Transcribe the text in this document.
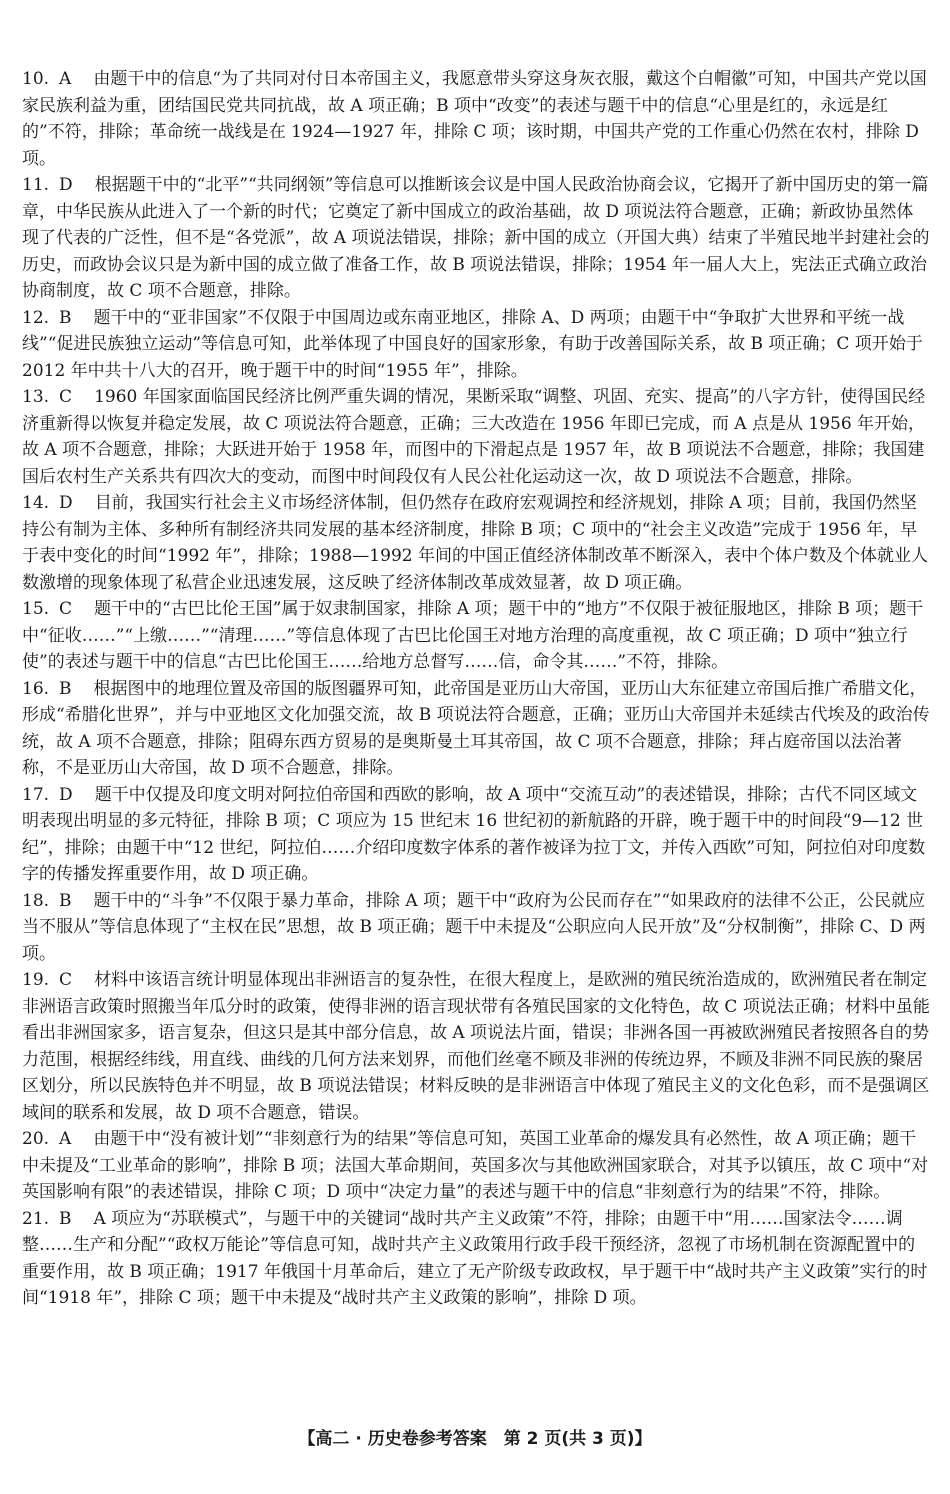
10. A 由题干中的信息“为了共同对付日本帝国主义，我愿意带头穿这身灰衣服，戴这个白帽徽”可知，中国共产党以国家民族利益为重，团结国民党共同抗战，故 A 项正确；B 项中“改变”的表述与题干中的信息“心里是红的，永远是红的”不符，排除；革命统一战线是在 1924—1927 年，排除 C 项；该时期，中国共产党的工作重心仍然在农村，排除 D 项。
11. D 根据题干中的“北平”“共同纲领”等信息可以推断该会议是中国人民政治协商会议，它揭开了新中国历史的第一篇章，中华民族从此进入了一个新的时代；它奠定了新中国成立的政治基础，故 D 项说法符合题意，正确；新政协虽然体现了代表的广泛性，但不是“各党派”，故 A 项说法错误，排除；新中国的成立（开国大典）结束了半殖民地半封建社会的历史，而政协会议只是为新中国的成立做了准备工作，故 B 项说法错误，排除；1954 年一届人大上，宪法正式确立政治协商制度，故 C 项不合题意，排除。
12. B 题干中的“亚非国家”不仅限于中国周边或东南亚地区，排除 A、D 两项；由题干中“争取扩大世界和平统一战线”“促进民族独立运动”等信息可知，此举体现了中国良好的国家形象，有助于改善国际关系，故 B 项正确；C 项开始于 2012 年中共十八大的召开，晚于题干中的时间“1955 年”，排除。
13. C 1960 年国家面临国民经济比例严重失调的情况，果断采取“调整、巩固、充实、提高”的八字方针，使得国民经济重新得以恢复并稳定发展，故 C 项说法符合题意，正确；三大改造在 1956 年即已完成，而 A 点是从 1956 年开始，故 A 项不合题意，排除；大跃进开始于 1958 年，而图中的下滑起点是 1957 年，故 B 项说法不合题意，排除；我国建国后农村生产关系共有四次大的变动，而图中时间段仅有人民公社化运动这一次，故 D 项说法不合题意，排除。
14. D 目前，我国实行社会主义市场经济体制，但仍然存在政府宏观调控和经济规划，排除 A 项；目前，我国仍然坚持公有制为主体、多种所有制经济共同发展的基本经济制度，排除 B 项；C 项中的“社会主义改造”完成于 1956 年，早于表中变化的时间“1992 年”，排除；1988—1992 年间的中国正值经济体制改革不断深入，表中个体户数及个体就业人数激增的现象体现了私营企业迅速发展，这反映了经济体制改革成效显著，故 D 项正确。
15. C 题干中的“古巴比伦王国”属于奴隶制国家，排除 A 项；题干中的“地方”不仅限于被征服地区，排除 B 项；题干中“征收……”“上缴……”“清理……”等信息体现了古巴比伦国王对地方治理的高度重视，故 C 项正确；D 项中“独立行使”的表述与题干中的信息“古巴比伦国王……给地方总督写……信，命令其……”不符，排除。
16. B 根据图中的地理位置及帝国的版图疆界可知，此帝国是亚历山大帝国，亚历山大东征建立帝国后推广希腊文化，形成“希腊化世界”，并与中亚地区文化加强交流，故 B 项说法符合题意，正确；亚历山大帝国并未延续古代埃及的政治传统，故 A 项不合题意，排除；阻碍东西方贸易的是奥斯曼土耳其帝国，故 C 项不合题意，排除；拜占庭帝国以法治著称，不是亚历山大帝国，故 D 项不合题意，排除。
17. D 题干中仅提及印度文明对阿拉伯帝国和西欧的影响，故 A 项中“交流互动”的表述错误，排除；古代不同区域文明表现出明显的多元特征，排除 B 项；C 项应为 15 世纪末 16 世纪初的新航路的开辟，晚于题干中的时间段“9—12 世纪”，排除；由题干中“12 世纪，阿拉伯……介绍印度数字体系的著作被译为拉丁文，并传入西欧”可知，阿拉伯对印度数字的传播发挥重要作用，故 D 项正确。
18. B 题干中的“斗争”不仅限于暴力革命，排除 A 项；题干中“政府为公民而存在”“如果政府的法律不公正，公民就应当不服从”等信息体现了“主权在民”思想，故 B 项正确；题干中未提及“公职应向人民开放”及“分权制衡”，排除 C、D 两项。
19. C 材料中该语言统计明显体现出非洲语言的复杂性，在很大程度上，是欧洲的殖民统治造成的，欧洲殖民者在制定非洲语言政策时照搬当年瓜分时的政策，使得非洲的语言现状带有各殖民国家的文化特色，故 C 项说法正确；材料中虽能看出非洲国家多，语言复杂，但这只是其中部分信息，故 A 项说法片面，错误；非洲各国一再被欧洲殖民者按照各自的势力范围，根据经纬线，用直线、曲线的几何方法来划界，而他们丝毫不顾及非洲的传统边界，不顾及非洲不同民族的聚居区划分，所以民族特色并不明显，故 B 项说法错误；材料反映的是非洲语言中体现了殖民主义的文化色彩，而不是强调区域间的联系和发展，故 D 项不合题意，错误。
20. A 由题干中“没有被计划”“非刻意行为的结果”等信息可知，英国工业革命的爆发具有必然性，故 A 项正确；题干中未提及“工业革命的影响”，排除 B 项；法国大革命期间，英国多次与其他欧洲国家联合，对其予以镇压，故 C 项中“对英国影响有限”的表述错误，排除 C 项；D 项中“决定力量”的表述与题干中的信息“非刻意行为的结果”不符，排除。
21. B A 项应为“苏联模式”，与题干中的关键词“战时共产主义政策”不符，排除；由题干中“用……国家法令……调整……生产和分配”“政权万能论”等信息可知，战时共产主义政策用行政手段干预经济，忽视了市场机制在资源配置中的重要作用，故 B 项正确；1917 年俄国十月革命后，建立了无产阶级专政政权，早于题干中“战时共产主义政策”实行的时间“1918 年”，排除 C 项；题干中未提及“战时共产主义政策的影响”，排除 D 项。
【高二 · 历史卷参考答案　第 2 页(共 3 页)】
